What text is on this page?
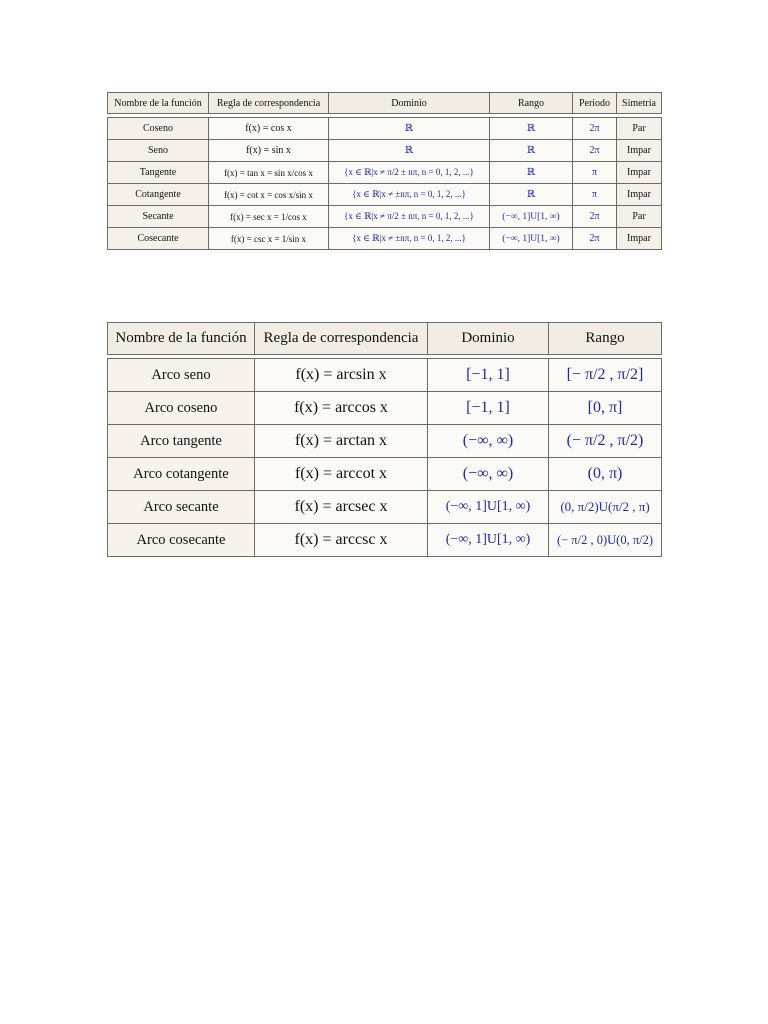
Nombre de la función	Regla de correspondencia	Dominio	Rango	Periodo	Simetría

Coseno	f(x) = cos x	ℝ	ℝ	2π	Par
Seno	f(x) = sin x	ℝ	ℝ	2π	Impar
Tangente	f(x) = tan x = sin x/cos x	{x ∈ ℝ|x ≠ π/2 ± nπ, n = 0, 1, 2, ...}	ℝ	π	Impar
Cotangente	f(x) = cot x = cos x/sin x	{x ∈ ℝ|x ≠ ±nπ, n = 0, 1, 2, ...}	ℝ	π	Impar
Secante	f(x) = sec x = 1/cos x	{x ∈ ℝ|x ≠ π/2 ± nπ, n = 0, 1, 2, ...}	(−∞, 1]U[1, ∞)	2π	Par
Cosecante	f(x) = csc x = 1/sin x	{x ∈ ℝ|x ≠ ±nπ, n = 0, 1, 2, ...}	(−∞, 1]U[1, ∞)	2π	Impar
Nombre de la función	Regla de correspondencia	Dominio	Rango

Arco seno	f(x) = arcsin x	[−1, 1]	[− π/2 , π/2]
Arco coseno	f(x) = arccos x	[−1, 1]	[0, π]
Arco tangente	f(x) = arctan x	(−∞, ∞)	(− π/2 , π/2)
Arco cotangente	f(x) = arccot x	(−∞, ∞)	(0, π)
Arco secante	f(x) = arcsec x	(−∞, 1]U[1, ∞)	(0, π/2)U(π/2 , π)
Arco cosecante	f(x) = arccsc x	(−∞, 1]U[1, ∞)	(− π/2 , 0)U(0, π/2)
